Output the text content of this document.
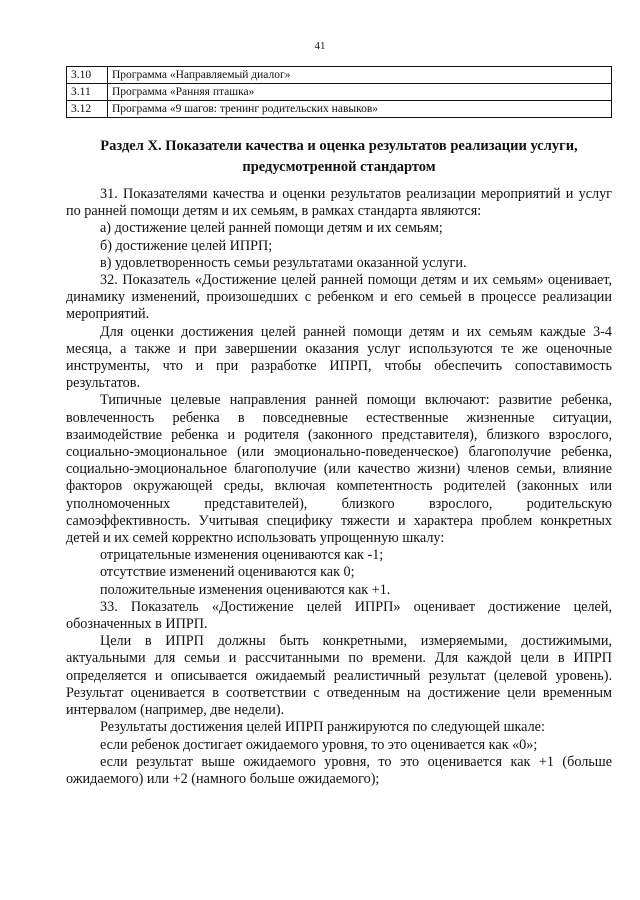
41
3.10	Программа «Направляемый диалог»
3.11	Программа «Ранняя пташка»
3.12	Программа «9 шагов: тренинг родительских навыков»
Раздел X. Показатели качества и оценка результатов реализации услуги, предусмотренной стандартом

31. Показателями качества и оценки результатов реализации мероприятий и услуг по ранней помощи детям и их семьям, в рамках стандарта являются:

а) достижение целей ранней помощи детям и их семьям;

б) достижение целей ИПРП;

в) удовлетворенность семьи результатами оказанной услуги.

32. Показатель «Достижение целей ранней помощи детям и их семьям» оценивает, динамику изменений, произошедших с ребенком и его семьей в процессе реализации мероприятий.

Для оценки достижения целей ранней помощи детям и их семьям каждые 3-4 месяца, а также и при завершении оказания услуг используются те же оценочные инструменты, что и при разработке ИПРП, чтобы обеспечить сопоставимость результатов.

Типичные целевые направления ранней помощи включают: развитие ребенка, вовлеченность ребенка в повседневные естественные жизненные ситуации, взаимодействие ребенка и родителя (законного представителя), близкого взрослого, социально-эмоциональное (или эмоционально-поведенческое) благополучие ребенка, социально-эмоциональное благополучие (или качество жизни) членов семьи, влияние факторов окружающей среды, включая компетентность родителей (законных или уполномоченных представителей), близкого взрослого, родительскую самоэффективность. Учитывая специфику тяжести и характера проблем конкретных детей и их семей корректно использовать упрощенную шкалу:

отрицательные изменения оцениваются как -1;

отсутствие изменений оцениваются как 0;

положительные изменения оцениваются как +1.

33. Показатель «Достижение целей ИПРП» оценивает достижение целей, обозначенных в ИПРП.

Цели в ИПРП должны быть конкретными, измеряемыми, достижимыми, актуальными для семьи и рассчитанными по времени. Для каждой цели в ИПРП определяется и описывается ожидаемый реалистичный результат (целевой уровень). Результат оценивается в соответствии с отведенным на достижение цели временным интервалом (например, две недели).

Результаты достижения целей ИПРП ранжируются по следующей шкале:

если ребенок достигает ожидаемого уровня, то это оценивается как «0»;

если результат выше ожидаемого уровня, то это оценивается как +1 (больше ожидаемого) или +2 (намного больше ожидаемого);
